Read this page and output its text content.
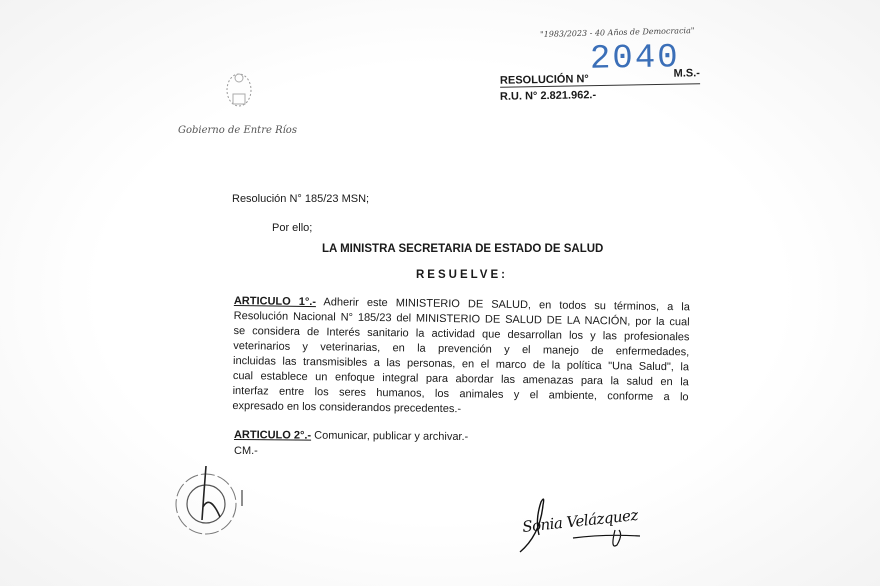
"1983/2023 - 40 Años de Democracia"
2040
RESOLUCIÓN N°	M.S.-
R.U. N° 2.821.962.-
Gobierno de Entre Ríos
Resolución N° 185/23 MSN;
Por ello;
LA MINISTRA SECRETARIA DE ESTADO DE SALUD
RESUELVE:
ARTICULO 1°.- Adherir este MINISTERIO DE SALUD, en todos su términos, a la
Resolución Nacional N° 185/23 del MINISTERIO DE SALUD DE LA NACIÓN, por la cual
se considera de Interés sanitario la actividad que desarrollan los y las profesionales
veterinarios y veterinarias, en la prevención y el manejo de enfermedades,
incluidas las transmisibles a las personas, en el marco de la política "Una Salud", la
cual establece un enfoque integral para abordar las amenazas para la salud en la
interfaz entre los seres humanos, los animales y el ambiente, conforme a lo
expresado en los considerandos precedentes.-
ARTICULO 2°.- Comunicar, publicar y archivar.-
CM.-
Sonia Velázquez
